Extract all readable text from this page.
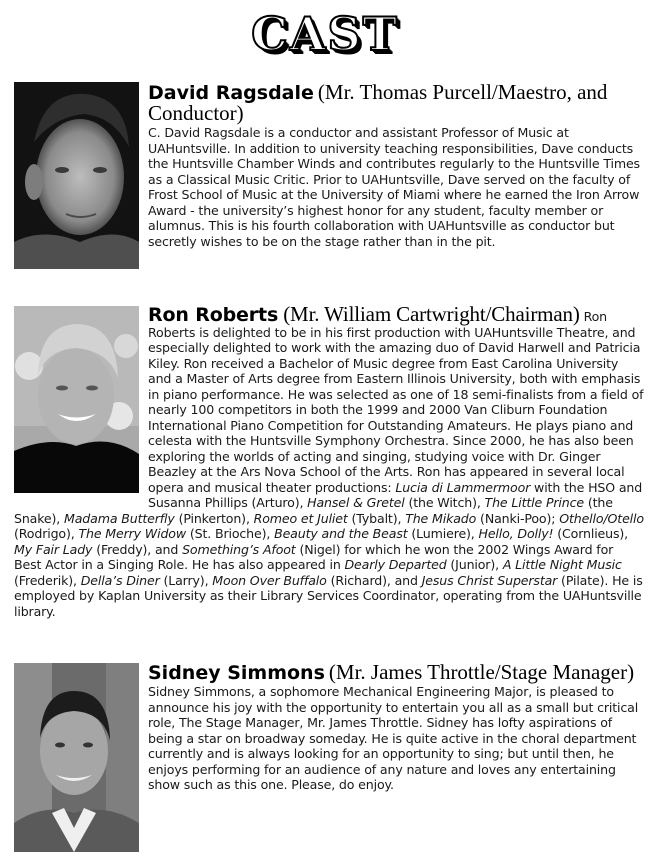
CAST
David Ragsdale (Mr. Thomas Purcell/Maestro, and Conductor)
C. David Ragsdale is a conductor and assistant Professor of Music at UAHuntsville. In addition to university teaching responsibilities, Dave conducts the Huntsville Chamber Winds and contributes regularly to the Huntsville Times as a Classical Music Critic. Prior to UAHuntsville, Dave served on the faculty of Frost School of Music at the University of Miami where he earned the Iron Arrow Award - the university’s highest honor for any student, faculty member or alumnus. This is his fourth collaboration with UAHuntsville as conductor but secretly wishes to be on the stage rather than in the pit.
Ron Roberts (Mr. William Cartwright/Chairman) Ron Roberts is delighted to be in his first production with UAHuntsville Theatre, and especially delighted to work with the amazing duo of David Harwell and Patricia Kiley. Ron received a Bachelor of Music degree from East Carolina University and a Master of Arts degree from Eastern Illinois University, both with emphasis in piano performance. He was selected as one of 18 semi-finalists from a field of nearly 100 competitors in both the 1999 and 2000 Van Cliburn Foundation International Piano Competition for Outstanding Amateurs. He plays piano and celesta with the Huntsville Symphony Orchestra. Since 2000, he has also been exploring the worlds of acting and singing, studying voice with Dr. Ginger Beazley at the Ars Nova School of the Arts. Ron has appeared in several local opera and musical theater productions: Lucia di Lammermoor with the HSO and Susanna Phillips (Arturo), Hansel & Gretel (the Witch), The Little Prince (the Snake), Madama Butterfly (Pinkerton), Romeo et Juliet (Tybalt), The Mikado (Nanki-Poo); Othello/Otello (Rodrigo), The Merry Widow (St. Brioche), Beauty and the Beast (Lumiere), Hello, Dolly! (Cornlieus), My Fair Lady (Freddy), and Something’s Afoot (Nigel) for which he won the 2002 Wings Award for Best Actor in a Singing Role. He has also appeared in Dearly Departed (Junior), A Little Night Music (Frederik), Della’s Diner (Larry), Moon Over Buffalo (Richard), and Jesus Christ Superstar (Pilate). He is employed by Kaplan University as their Library Services Coordinator, operating from the UAHuntsville library.
Sidney Simmons (Mr. James Throttle/Stage Manager)
Sidney Simmons, a sophomore Mechanical Engineering Major, is pleased to announce his joy with the opportunity to entertain you all as a small but critical role, The Stage Manager, Mr. James Throttle. Sidney has lofty aspirations of being a star on broadway someday. He is quite active in the choral department currently and is always looking for an opportunity to sing; but until then, he enjoys performing for an audience of any nature and loves any entertaining show such as this one. Please, do enjoy.
